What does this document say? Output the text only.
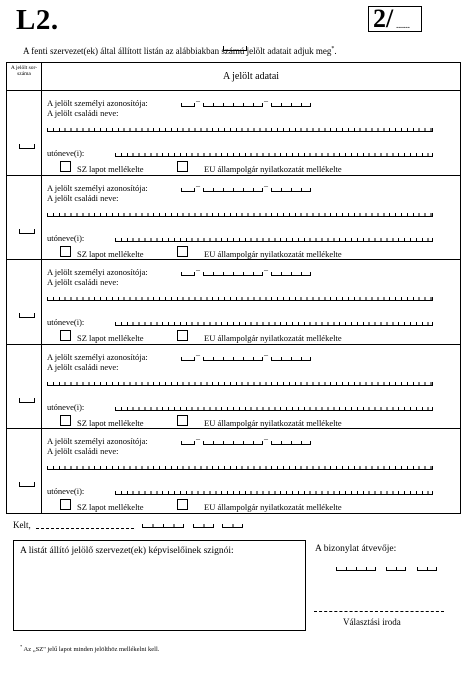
L2.	2/ .......
A fenti szervezet(ek) által állított listán az alábbiakban számú jelölt adatait adjuk meg*.
A jelölt sor-száma	A jelölt adatai
A jelölt személyi azonosítója:	–	–
A jelölt családi neve:
utóneve(i):
SZ lapot mellékelte	EU állampolgár nyilatkozatát mellékelte
A jelölt személyi azonosítója:	–	–
A jelölt családi neve:
utóneve(i):
SZ lapot mellékelte	EU állampolgár nyilatkozatát mellékelte
A jelölt személyi azonosítója:	–	–
A jelölt családi neve:
utóneve(i):
SZ lapot mellékelte	EU állampolgár nyilatkozatát mellékelte
A jelölt személyi azonosítója:	–	–
A jelölt családi neve:
utóneve(i):
SZ lapot mellékelte	EU állampolgár nyilatkozatát mellékelte
A jelölt személyi azonosítója:	–	–
A jelölt családi neve:
utóneve(i):
SZ lapot mellékelte	EU állampolgár nyilatkozatát mellékelte
Kelt,
A listát állító jelölő szervezet(ek) képviselőinek szignói:	A bizonylat átvevője:
Választási iroda
* Az „SZ" jelű lapot minden jelölthöz mellékelni kell.
